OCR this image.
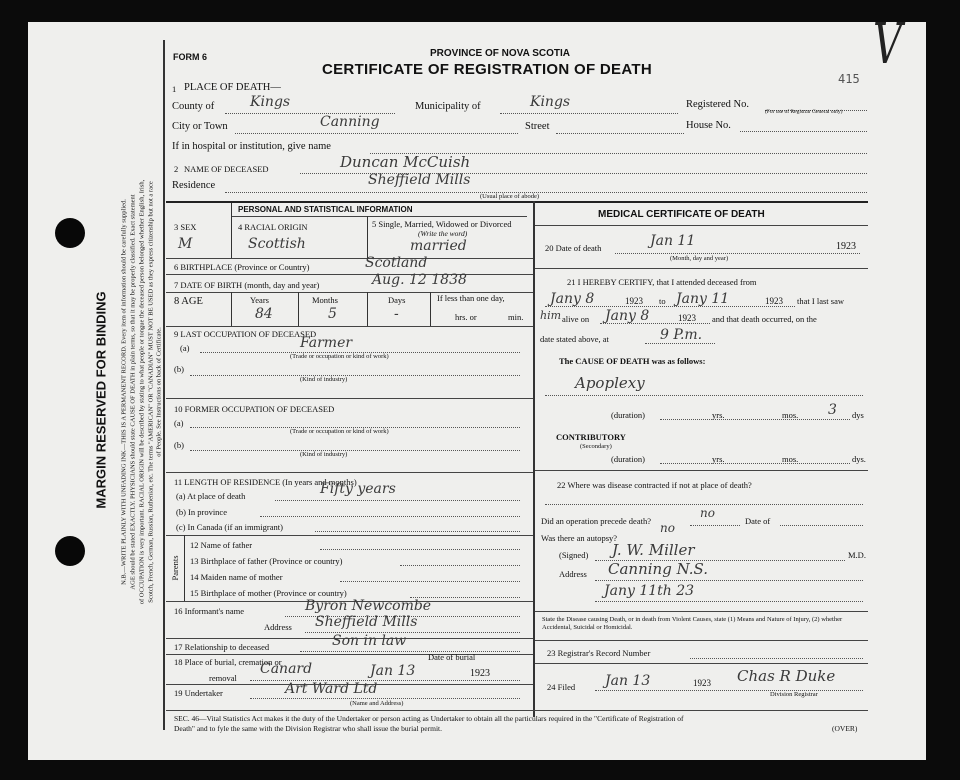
MARGIN RESERVED FOR BINDING N.B.—WRITE PLAINLY WITH UNFADING INK—THIS IS A PERMANENT RECORD. Every item of information should be carefully supplied. AGE should be stated EXACTLY. PHYSICIANS should state CAUSE OF DEATH in plain terms, so that it may be properly classified. Exact statement of OCCUPATION is very important. RACIAL ORIGIN will be described by stating to what people or tongue the deceased person belonged whether English, Irish, Scotch, French, German, Russian, Ruthenian, etc. The terms "AMERICAN" OR "CANADIAN" MUST NOT BE USED as they express citizenship but not a race of People. See Instructions on back of Certificate.
FORM 6	PROVINCE OF NOVA SCOTIA
CERTIFICATE OF REGISTRATION OF DEATH
415
V
1 PLACE OF DEATH—
County of	Kings	Municipality of	Kings	Registered No.
(For use of Registrar General only)
City or Town	Canning	Street	House No.
If in hospital or institution, give name
2 NAME OF DECEASED	Duncan McCuish
Residence	Sheffield Mills
(Usual place of abode)
PERSONAL AND STATISTICAL INFORMATION
3 SEX
M
4 RACIAL ORIGIN
Scottish
5 Single, Married, Widowed or Divorced
(Write the word)
married
6 BIRTHPLACE (Province or Country)	Scotland
7 DATE OF BIRTH (month, day and year)	Aug. 12 1838
8 AGE	Years
84
Months
5
Days
-
If less than one day,
hrs. or	min.
9 LAST OCCUPATION OF DECEASED
(a)	Farmer
(Trade or occupation or kind of work)
(b)
(Kind of industry)
10 FORMER OCCUPATION OF DECEASED
(a)
(Trade or occupation or kind of work)
(b)
(Kind of industry)
11 LENGTH OF RESIDENCE (In years and months)
(a) At place of death	Fifty years
(b) In province
(c) In Canada (if an immigrant)
Parents
12 Name of father
13 Birthplace of father (Province or country)
14 Maiden name of mother
15 Birthplace of mother (Province or country)
16 Informant's name	Byron Newcombe
Address Sheffield Mills
17 Relationship to deceased	Son in law
18 Place of burial, cremation or
removal
Canard
Date of burial
Jan 13	1923
19 Undertaker	Art Ward Ltd
(Name and Address)
MEDICAL CERTIFICATE OF DEATH
20 Date of death	Jan 11	1923
(Month, day and year)
21 I HEREBY CERTIFY, that I attended deceased from
Jany 8	1923 to Jany 11	1923 that I last saw
him alive on Jany 8	1923 and that death occurred, on the
date stated above, at	9 P.m.
The CAUSE OF DEATH was as follows:
Apoplexy
(duration)	yrs.	mos. 3 dys
CONTRIBUTORY
(Secondary)
(duration)	yrs.	mos.	dys.
22 Where was disease contracted if not at place of death?
Did an operation precede death?
no
Date of
Was there an autopsy?
no
(Signed) J. W. Miller	M.D.
Address Canning N.S.
Jany 11th 23
State the Disease causing Death, or in death from Violent Causes, state (1) Means and Nature of Injury, (2) whether Accidental, Suicidal or Homicidal.
23 Registrar's Record Number
24 Filed Jan 13	1923 Chas R Duke
Division Registrar
SEC. 46—Vital Statistics Act makes it the duty of the Undertaker or person acting as Undertaker to obtain all the particulars required in the "Certificate of Registration of
Death" and to fyle the same with the Division Registrar who shall issue the burial permit.	(OVER)
